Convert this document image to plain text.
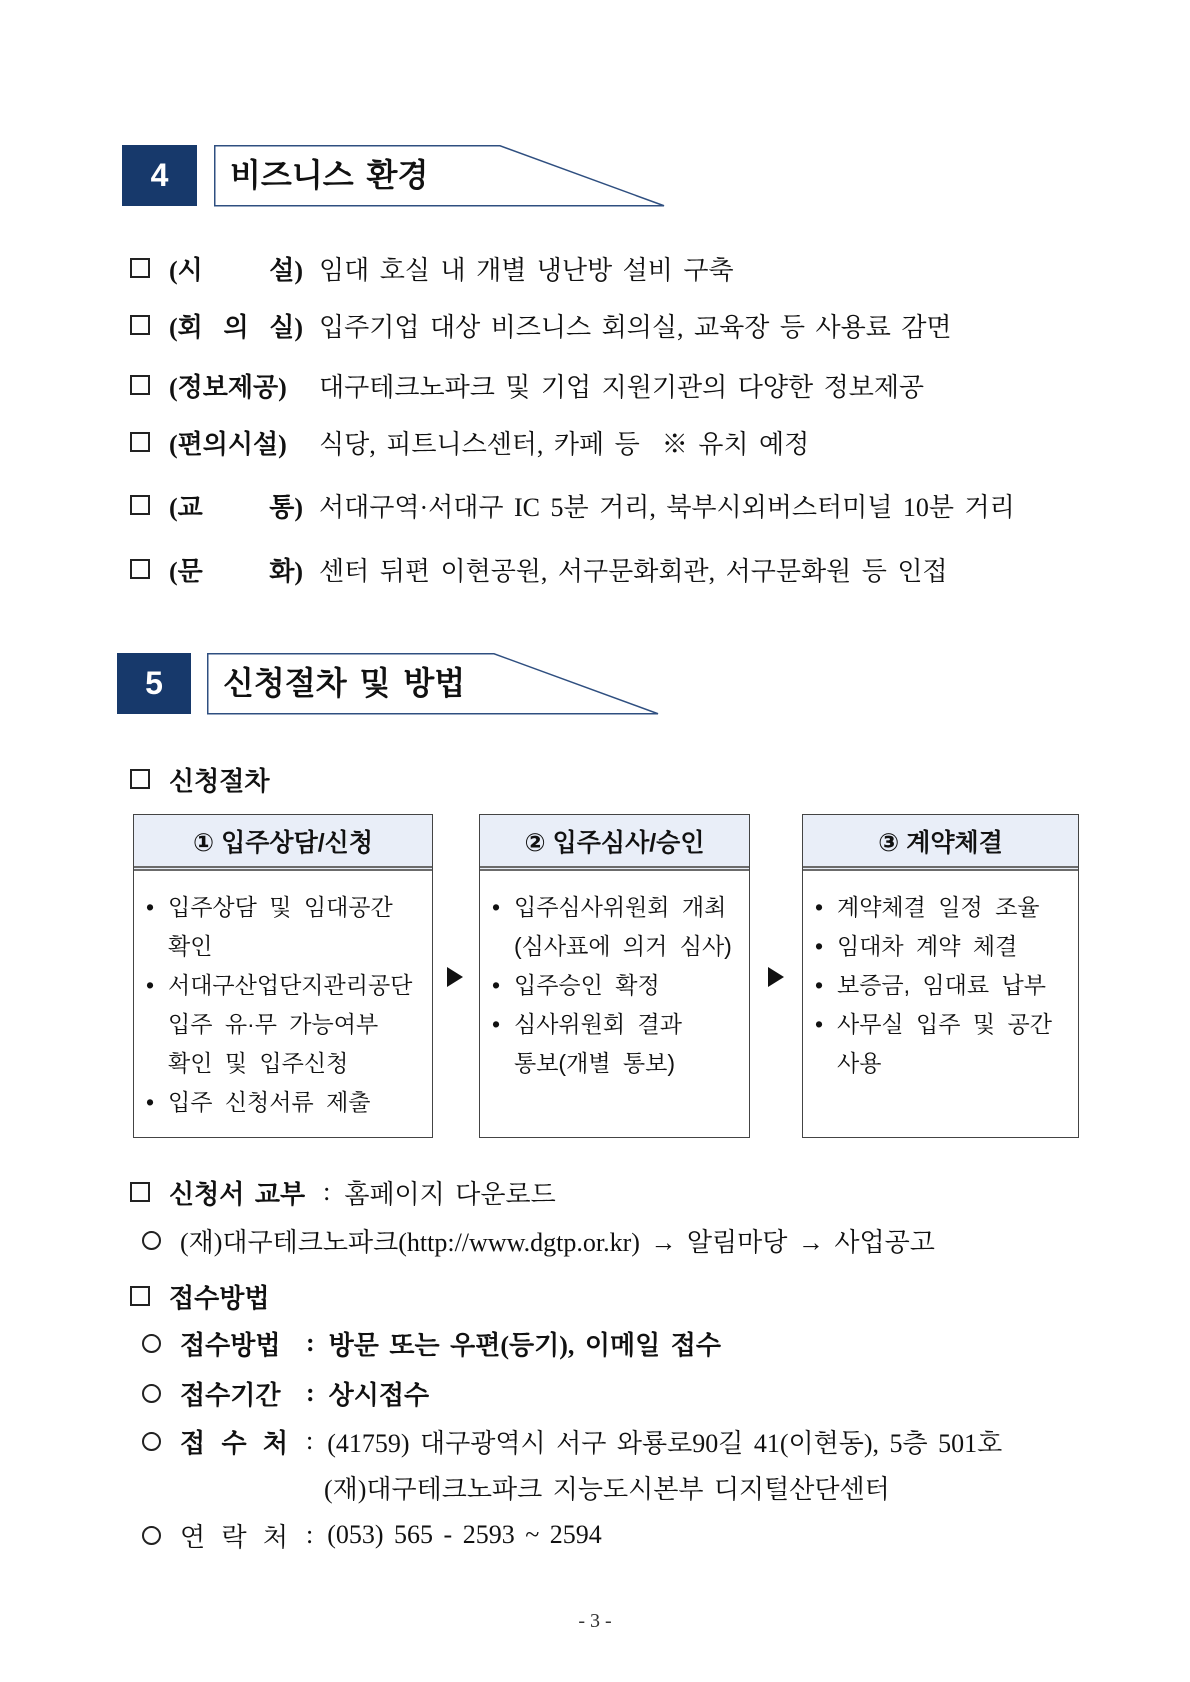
4	비즈니스 환경
(시	설) 임대 호실 내 개별 냉난방 설비 구축
(회 의 실) 입주기업 대상 비즈니스 회의실, 교육장 등 사용료 감면
(정보제공) 대구테크노파크 및 기업 지원기관의 다양한 정보제공
(편의시설) 식당, 피트니스센터, 카페 등 ※ 유치 예정
(교	통) 서대구역·서대구 IC 5분 거리, 북부시외버스터미널 10분 거리
(문	화) 센터 뒤편 이현공원, 서구문화회관, 서구문화원 등 인접
5	신청절차 및 방법
신청절차
① 입주상담/신청
• 입주상담 및 임대공간
확인
• 서대구산업단지관리공단
입주 유·무 가능여부
확인 및 입주신청
• 입주 신청서류 제출
② 입주심사/승인
• 입주심사위원회 개최
(심사표에 의거 심사)
• 입주승인 확정
• 심사위원회 결과
통보(개별 통보)
③ 계약체결
• 계약체결 일정 조율
• 임대차 계약 체결
• 보증금, 임대료 납부
• 사무실 입주 및 공간
사용
신청서 교부 : 홈페이지 다운로드
(재)대구테크노파크(http://www.dgtp.or.kr) → 알림마당 → 사업공고
접수방법
접수방법 : 방문 또는 우편(등기), 이메일 접수
접수기간 : 상시접수
접 수 처 : (41759) 대구광역시 서구 와룡로90길 41(이현동), 5층 501호
(재)대구테크노파크 지능도시본부 디지털산단센터
연 락 처 : (053) 565 - 2593 ~ 2594
- 3 -
